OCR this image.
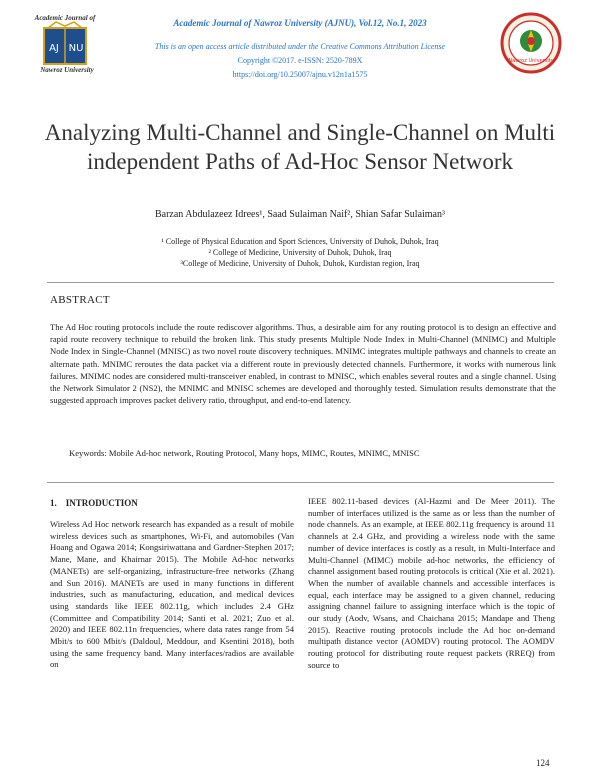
AJ NU
Academic Journal of
Nawroz University
Academic Journal of Nawroz University (AJNU), Vol.12, No.1, 2023
This is an open access article distributed under the Creative Commons Attribution License
Copyright ©2017. e-ISSN: 2520-789X
https://doi.org/10.25007/ajnu.v12n1a1575
Nawroz University
Analyzing Multi-Channel and Single-Channel on Multi independent Paths of Ad-Hoc Sensor Network
Barzan Abdulazeez Idrees¹, Saad Sulaiman Naif², Shian Safar Sulaiman³
¹ College of Physical Education and Sport Sciences, University of Duhok, Duhok, Iraq
² College of Medicine, University of Duhok, Duhok, Iraq
³College of Medicine, University of Duhok, Duhok, Kurdistan region, Iraq
ABSTRACT
The Ad Hoc routing protocols include the route rediscover algorithms. Thus, a desirable aim for any routing protocol is to design an effective and rapid route recovery technique to rebuild the broken link. This study presents Multiple Node Index in Multi-Channel (MNIMC) and Multiple Node Index in Single-Channel (MNISC) as two novel route discovery techniques. MNIMC integrates multiple pathways and channels to create an alternate path. MNIMC reroutes the data packet via a different route in previously detected channels. Furthermore, it works with numerous link failures. MNIMC nodes are considered multi-transceiver enabled, in contrast to MNISC, which enables several routes and a single channel. Using the Network Simulator 2 (NS2), the MNIMC and MNISC schemes are developed and thoroughly tested. Simulation results demonstrate that the suggested approach improves packet delivery ratio, throughput, and end-to-end latency.
Keywords: Mobile Ad-hoc network, Routing Protocol, Many hops, MIMC, Routes, MNIMC, MNISC
1.    INTRODUCTION
Wireless Ad Hoc network research has expanded as a result of mobile wireless devices such as smartphones, Wi-Fi, and automobiles (Van Hoang and Ogawa 2014; Kongsiriwattana and Gardner-Stephen 2017; Mane, Mane, and Khairnar 2015). The Mobile Ad-hoc networks (MANETs) are self-organizing, infrastructure-free networks (Zhang and Sun 2016). MANETs are used in many functions in different industries, such as manufacturing, education, and medical devices using standards like IEEE 802.11g, which includes 2.4 GHz (Committee and Compatibility 2014; Santi et al. 2021; Zuo et al. 2020) and IEEE 802.11n frequencies, where data rates range from 54 Mbit/s to 600 Mbit/s (Daldoul, Meddour, and Ksentini 2018), both using the same frequency band. Many interfaces/radios are available on
IEEE 802.11-based devices (Al-Hazmi and De Meer 2011). The number of interfaces utilized is the same as or less than the number of node channels. As an example, at IEEE 802.11g frequency is around 11 channels at 2.4 GHz, and providing a wireless node with the same number of device interfaces is costly as a result, in Multi-Interface and Multi-Channel (MIMC) mobile ad-hoc networks, the efficiency of channel assignment based routing protocols is critical (Xie et al. 2021). When the number of available channels and accessible interfaces is equal, each interface may be assigned to a given channel, reducing assigning channel failure to assigning interface which is the topic of our study (Aodv, Wsans, and Chaichana 2015; Mandape and Theng 2015). Reactive routing protocols include the Ad hoc on-demand multipath distance vector (AOMDV) routing protocol. The AOMDV routing protocol for distributing route request packets (RREQ) from source to
124
